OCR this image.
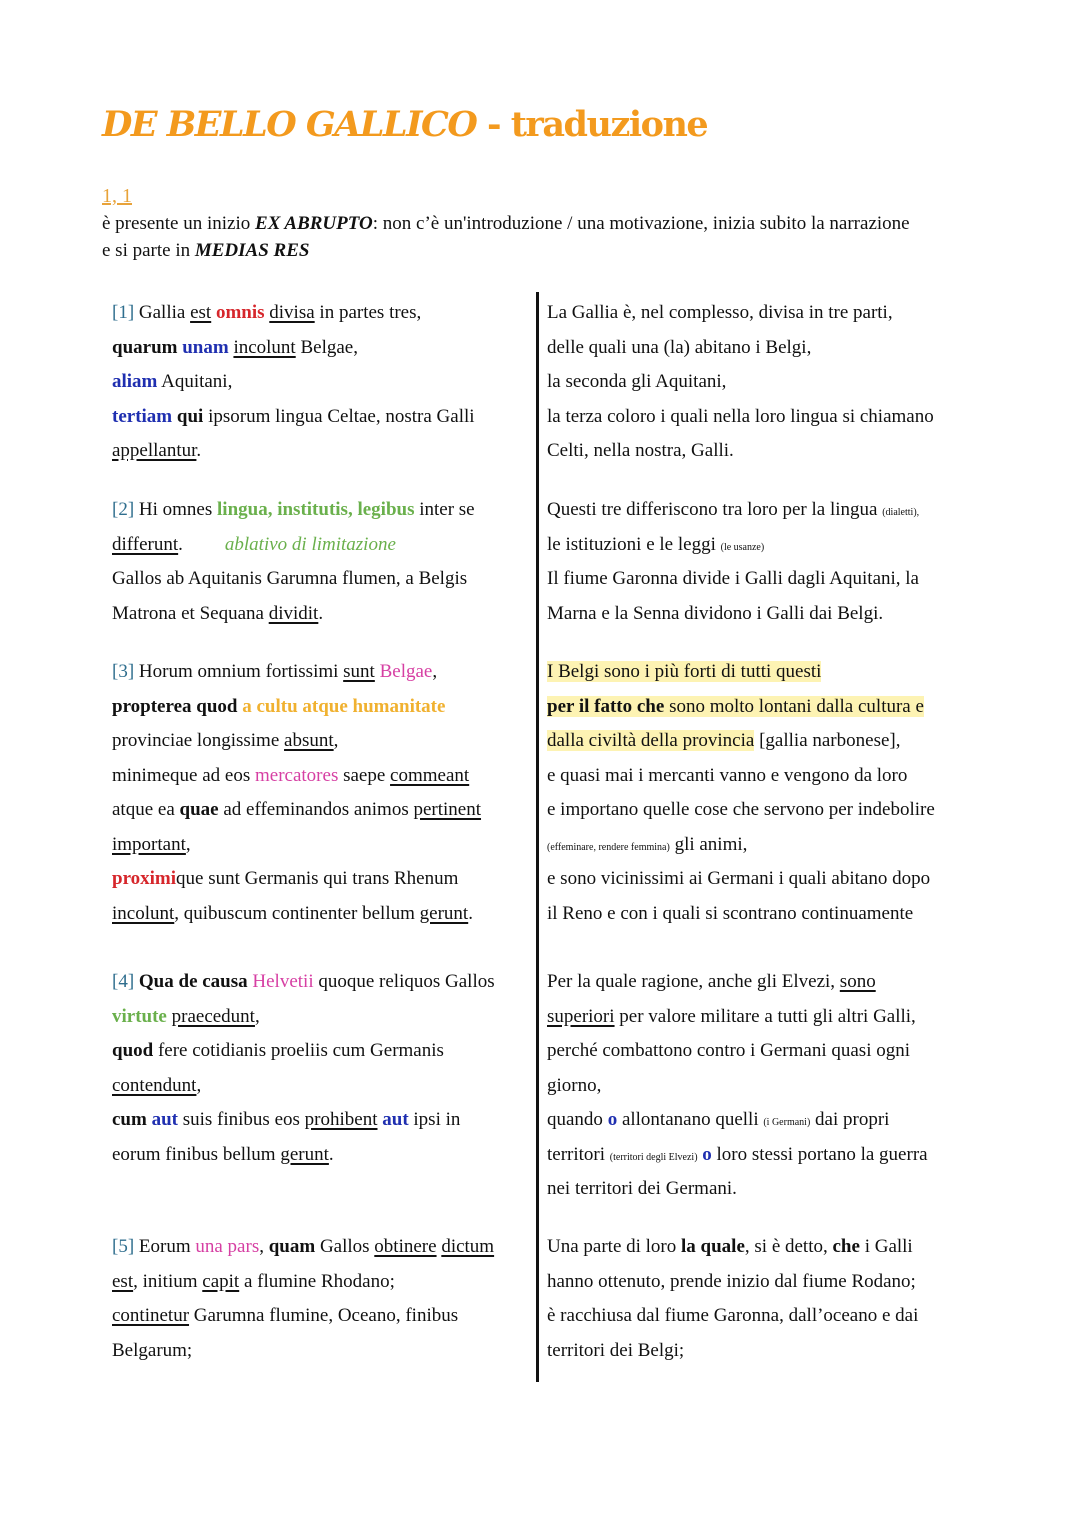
DE BELLO GALLICO - traduzione
1, 1
è presente un inizio EX ABRUPTO: non c’è un'introduzione / una motivazione, inizia subito la narrazione
e si parte in MEDIAS RES
[1] Gallia est omnis divisa in partes tres,
quarum unam incolunt Belgae,
aliam Aquitani,
tertiam qui ipsorum lingua Celtae, nostra Galli
appellantur.
La Gallia è, nel complesso, divisa in tre parti,
delle quali una (la) abitano i Belgi,
la seconda gli Aquitani,
la terza coloro i quali nella loro lingua si chiamano
Celti, nella nostra, Galli.
[2] Hi omnes lingua, institutis, legibus inter se
differunt. ablativo di limitazione
Gallos ab Aquitanis Garumna flumen, a Belgis
Matrona et Sequana dividit.
Questi tre differiscono tra loro per la lingua (dialetti),
le istituzioni e le leggi (le usanze)
Il fiume Garonna divide i Galli dagli Aquitani, la
Marna e la Senna dividono i Galli dai Belgi.
[3] Horum omnium fortissimi sunt Belgae,
propterea quod a cultu atque humanitate
provinciae longissime absunt,
minimeque ad eos mercatores saepe commeant
atque ea quae ad effeminandos animos pertinent
important,
proximique sunt Germanis qui trans Rhenum
incolunt, quibuscum continenter bellum gerunt.
I Belgi sono i più forti di tutti questi
per il fatto che sono molto lontani dalla cultura e
dalla civiltà della provincia [gallia narbonese],
e quasi mai i mercanti vanno e vengono da loro
e importano quelle cose che servono per indebolire
(effeminare, rendere femmina) gli animi,
e sono vicinissimi ai Germani i quali abitano dopo
il Reno e con i quali si scontrano continuamente
[4] Qua de causa Helvetii quoque reliquos Gallos
virtute praecedunt,
quod fere cotidianis proeliis cum Germanis
contendunt,
cum aut suis finibus eos prohibent aut ipsi in
eorum finibus bellum gerunt.
Per la quale ragione, anche gli Elvezi, sono
superiori per valore militare a tutti gli altri Galli,
perché combattono contro i Germani quasi ogni
giorno,
quando o allontanano quelli (i Germani) dai propri
territori (territori degli Elvezi) o loro stessi portano la guerra
nei territori dei Germani.
[5] Eorum una pars, quam Gallos obtinere dictum
est, initium capit a flumine Rhodano;
continetur Garumna flumine, Oceano, finibus
Belgarum;
Una parte di loro la quale, si è detto, che i Galli
hanno ottenuto, prende inizio dal fiume Rodano;
è racchiusa dal fiume Garonna, dall’oceano e dai
territori dei Belgi;
